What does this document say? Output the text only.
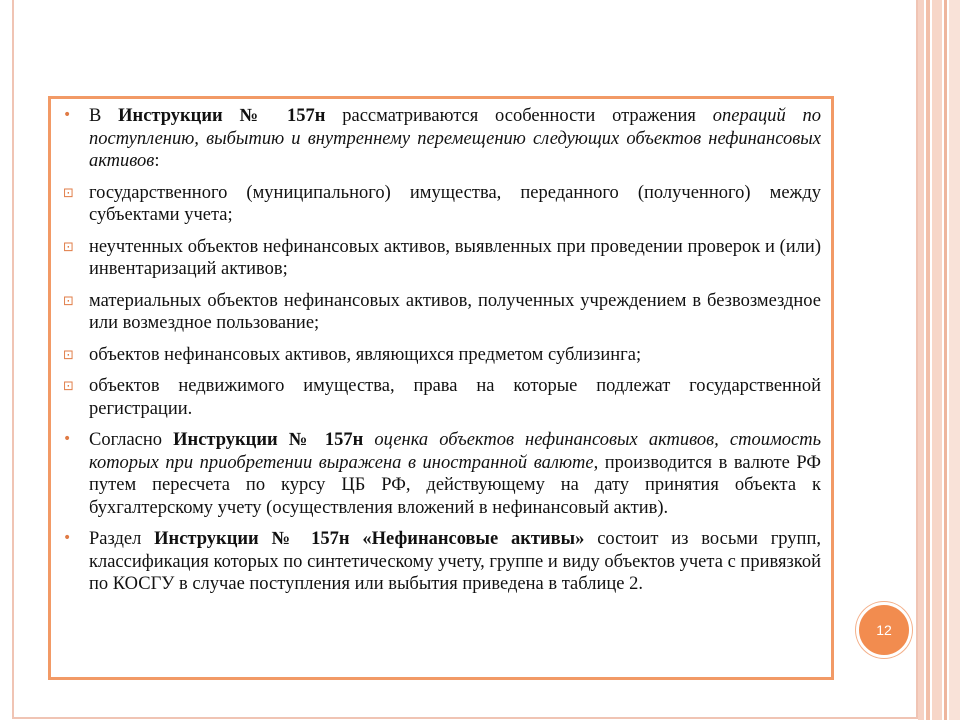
• В Инструкции № 157н рассматриваются особенности отражения операций по поступлению, выбытию и внутреннему перемещению следующих объектов нефинансовых активов:
⊡ государственного (муниципального) имущества, переданного (полученного) между субъектами учета;
⊡ неучтенных объектов нефинансовых активов, выявленных при проведении проверок и (или) инвентаризаций активов;
⊡ материальных объектов нефинансовых активов, полученных учреждением в безвозмездное или возмездное пользование;
⊡ объектов нефинансовых активов, являющихся предметом сублизинга;
⊡ объектов недвижимого имущества, права на которые подлежат государственной регистрации.
• Согласно Инструкции № 157н оценка объектов нефинансовых активов, стоимость которых при приобретении выражена в иностранной валюте, производится в валюте РФ путем пересчета по курсу ЦБ РФ, действующему на дату принятия объекта к бухгалтерскому учету (осуществления вложений в нефинансовый актив).
• Раздел Инструкции № 157н «Нефинансовые активы» состоит из восьми групп, классификация которых по синтетическому учету, группе и виду объектов учета с привязкой по КОСГУ в случае поступления или выбытия приведена в таблице 2.
12
